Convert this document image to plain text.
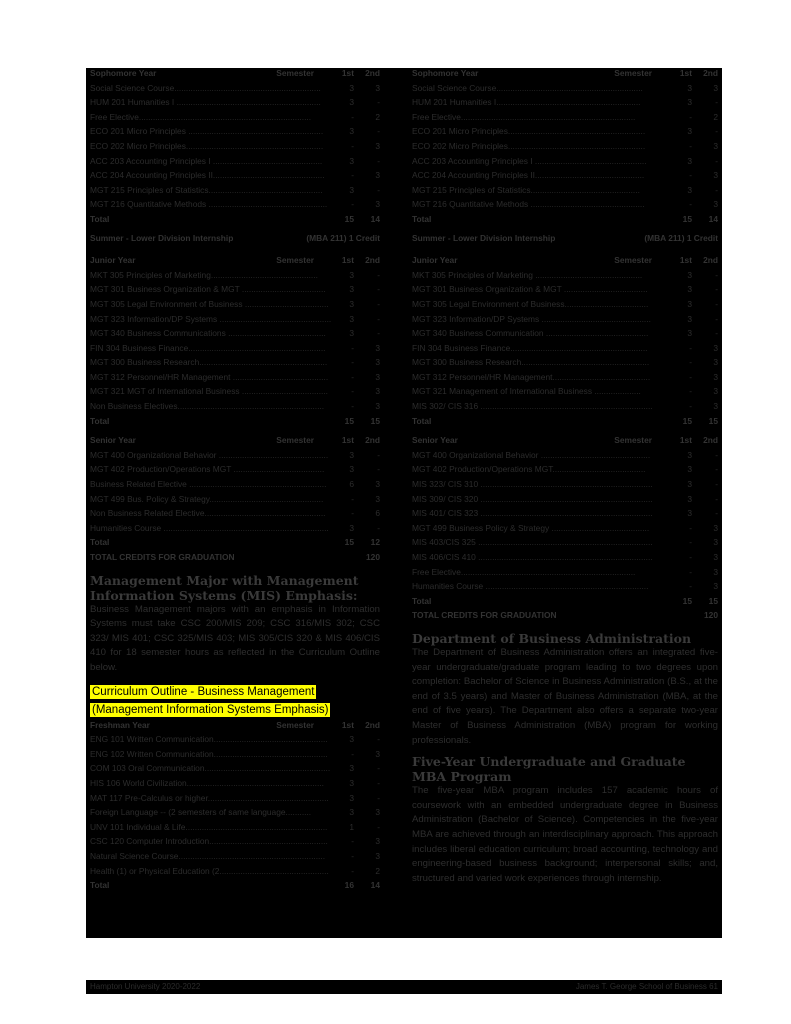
Sophomore Year	Semester	1st	2nd
Social Science Course...............................................................	3	3
HUM 201 Humanities I ..............................................................	3	-
Free Elective..........................................................................	-	2
ECO 201 Micro Principles ..........................................................	3	-
ECO 202 Micro Principles...........................................................	-	3
ACC 203 Accounting Principles I ...............................................	3	-
ACC 204 Accounting Principles II................................................	-	3
MGT 215 Principles of Statistics.................................................	3	-
MGT 216 Quantitative Methods ...................................................	-	3
Total	15	14
Summer - Lower Division Internship	(MBA 211) 1 Credit
Junior Year	Semester	1st	2nd
MKT 305 Principles of Marketing..............................................	3	-
MGT 301 Business Organization & MGT ....................................	3	-
MGT 305 Legal Environment of Business ....................................	3	-
MGT 323 Information/DP Systems ................................................	3	-
MGT 340 Business Communications ..........................................	3	-
FIN 304 Business Finance...........................................................	-	3
MGT 300 Business Research.......................................................	-	3
MGT 312 Personnel/HR Management .........................................	-	3
MGT 321 MGT of International Business .....................................	-	3
Non Business Electives...............................................................	-	3
Total	15	15
Senior Year	Semester	1st	2nd
MGT 400 Organizational Behavior ...............................................	3	-
MGT 402 Production/Operations MGT .......................................	3	-
Business Related Elective ...........................................................	6	3
MGT 499 Bus. Policy & Strategy.................................................	-	3
Non Business Related Elective....................................................	-	6
Humanities Course .......................................................................	3	-
Total	15	12
TOTAL CREDITS FOR GRADUATION	120
Management Major with Management Information Systems (MIS) Emphasis:
Business Management majors with an emphasis in Information Systems must take CSC 200/MIS 209; CSC 316/MIS 302; CSC 323/ MIS 401; CSC 325/MIS 403; MIS 305/CIS 320 & MIS 406/CIS 410 for 18 semester hours as reflected in the Curriculum Outline below.
Curriculum Outline - Business Management
(Management Information Systems Emphasis)
Freshman Year	Semester	1st	2nd
ENG 101 Written Communication.................................................	3	-
ENG 102 Written Communication.................................................	-	3
COM 103 Oral Communication......................................................	3	-
HIS 106 World Civilization...........................................................	3	-
MAT 117 Pre-Calculus or higher....................................................	3	-
Foreign Language -- (2 semesters of same language...........	3	3
UNV 101 Individual & Life.............................................................	1	-
CSC 120 Computer Introduction...................................................	-	3
Natural Science Course...............................................................	-	3
Health (1) or Physical Education (2...............................................	-	2
Total	16	14
Sophomore Year	Semester	1st	2nd
Social Science Course...............................................................	3	3
HUM 201 Humanities I..............................................................	3	-
Free Elective...........................................................................	-	2
ECO 201 Micro Principles...........................................................	3	-
ECO 202 Micro Principles...........................................................	-	3
ACC 203 Accounting Principles I ................................................	3	-
ACC 204 Accounting Principles II...............................................	-	3
MGT 215 Principles of Statistics...............................................	3	-
MGT 216 Quantitative Methods .................................................	-	3
Total	15	14
Summer - Lower Division Internship	(MBA 211) 1 Credit
Junior Year	Semester	1st	2nd
MKT 305 Principles of Marketing ..............................................	3	-
MGT 301 Business Organization & MGT ....................................	3	-
MGT 305 Legal Environment of Business....................................	3	-
MGT 323 Information/DP Systems ...............................................	3	-
MGT 340 Business Communication ............................................	3	-
FIN 304 Business Finance...........................................................	-	3
MGT 300 Business Research.......................................................	-	3
MGT 312 Personnel/HR Management..........................................	-	3
MGT 321 Management of International Business ....................	-	3
MIS 302/ CIS 316 ..........................................................................	-	3
Total	15	15
Senior Year	Semester	1st	2nd
MGT 400 Organizational Behavior ...............................................	3	-
MGT 402 Production/Operations MGT........................................	3	-
MIS 323/ CIS 310 ..........................................................................	3	-
MIS 309/ CIS 320 ..........................................................................	3	-
MIS 401/ CIS 323 ..........................................................................	3	-
MGT 499 Business Policy & Strategy ..........................................	-	3
MIS 403/CIS 325 ...........................................................................	-	3
MIS 406/CIS 410 ...........................................................................	-	3
Free Elective...........................................................................	-	3
Humanities Course ......................................................................	-	3
Total	15	15
TOTAL CREDITS FOR GRADUATION	120
Department of Business Administration
The Department of Business Administration offers an integrated five-year undergraduate/graduate program leading to two degrees upon completion: Bachelor of Science in Business Administration (B.S., at the end of 3.5 years) and Master of Business Administration (MBA, at the end of five years). The Department also offers a separate two-year Master of Business Administration (MBA) program for working professionals.
Five-Year Undergraduate and Graduate MBA Program
The five-year MBA program includes 157 academic hours of coursework with an embedded undergraduate degree in Business Administration (Bachelor of Science). Competencies in the five-year MBA are achieved through an interdisciplinary approach. This approach includes liberal education curriculum; broad accounting, technology and engineering-based business background; interpersonal skills; and, structured and varied work experiences through internship.
Hampton University 2020-2022	James T. George School of Business 61
